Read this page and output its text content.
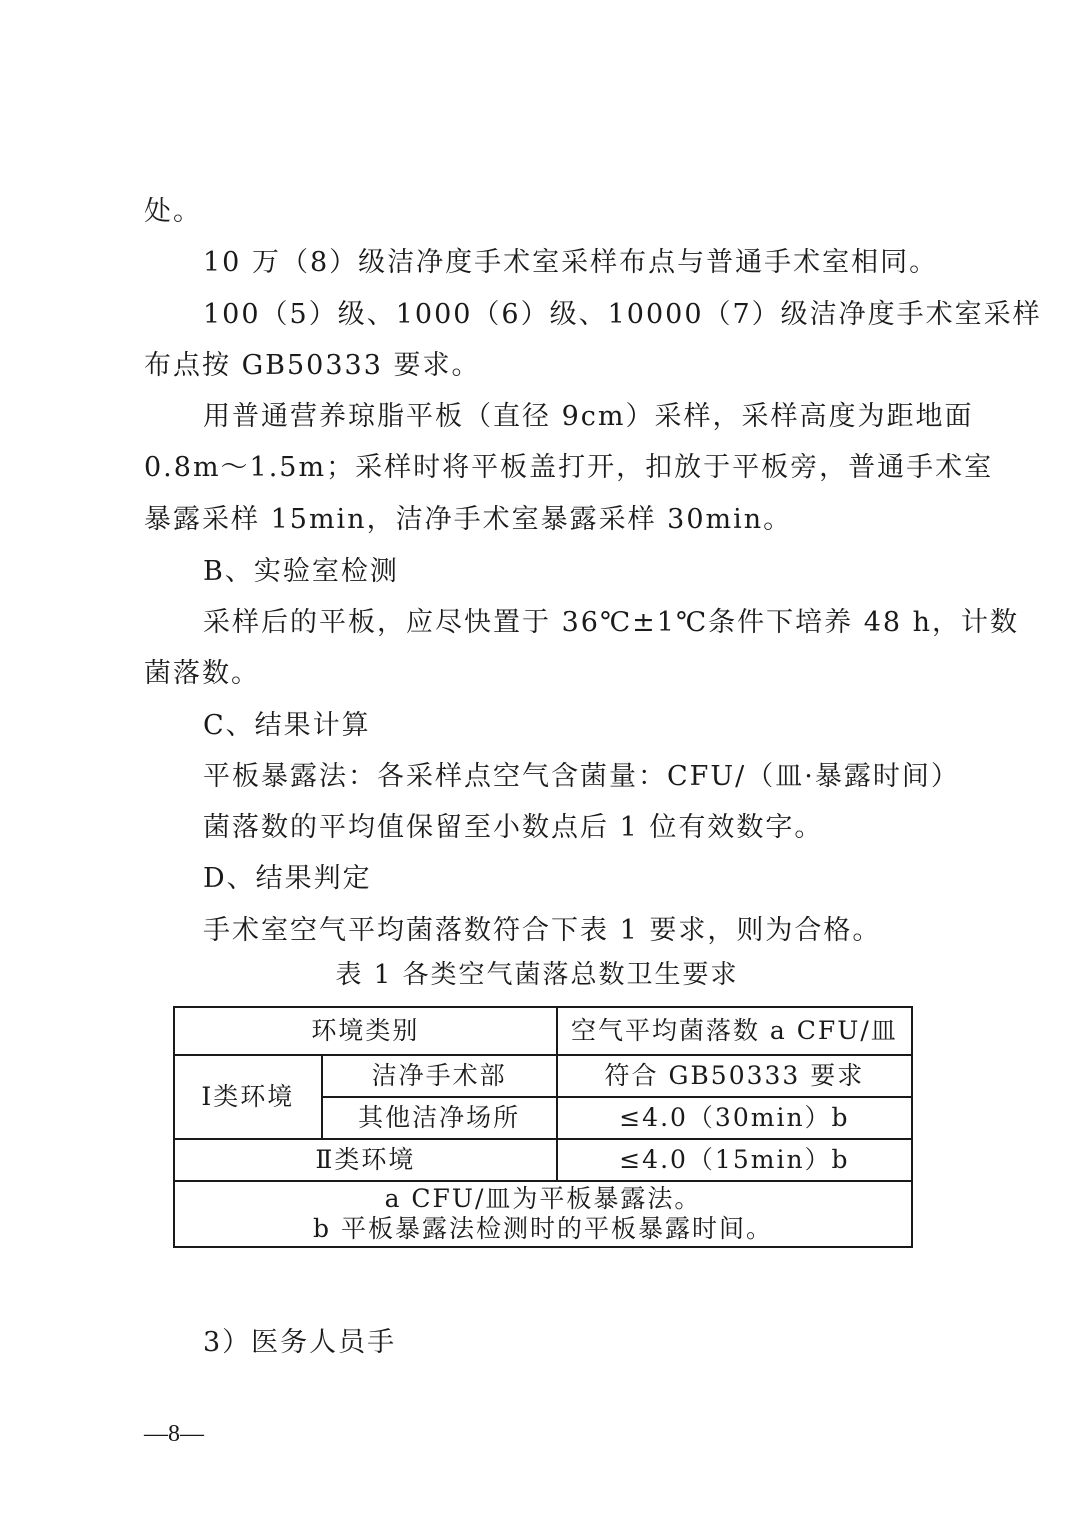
处。
10 万（8）级洁净度手术室采样布点与普通手术室相同。
100（5）级、1000（6）级、10000（7）级洁净度手术室采样
布点按 GB50333 要求。
用普通营养琼脂平板（直径 9cm）采样，采样高度为距地面
0.8m～1.5m；采样时将平板盖打开，扣放于平板旁，普通手术室
暴露采样 15min，洁净手术室暴露采样 30min。
B、实验室检测
采样后的平板，应尽快置于 36℃±1℃条件下培养 48 h，计数
菌落数。
C、结果计算
平板暴露法：各采样点空气含菌量：CFU/（皿·暴露时间）
菌落数的平均值保留至小数点后 1 位有效数字。
D、结果判定
手术室空气平均菌落数符合下表 1 要求，则为合格。
表 1 各类空气菌落总数卫生要求
环境类别		空气平均菌落数 a CFU/皿
Ⅰ类环境	洁净手术部	符合 GB50333 要求
	其他洁净场所	≤4.0（30min）b
Ⅱ类环境		≤4.0（15min）b

a CFU/皿为平板暴露法。
b 平板暴露法检测时的平板暴露时间。		
3）医务人员手
—8—
